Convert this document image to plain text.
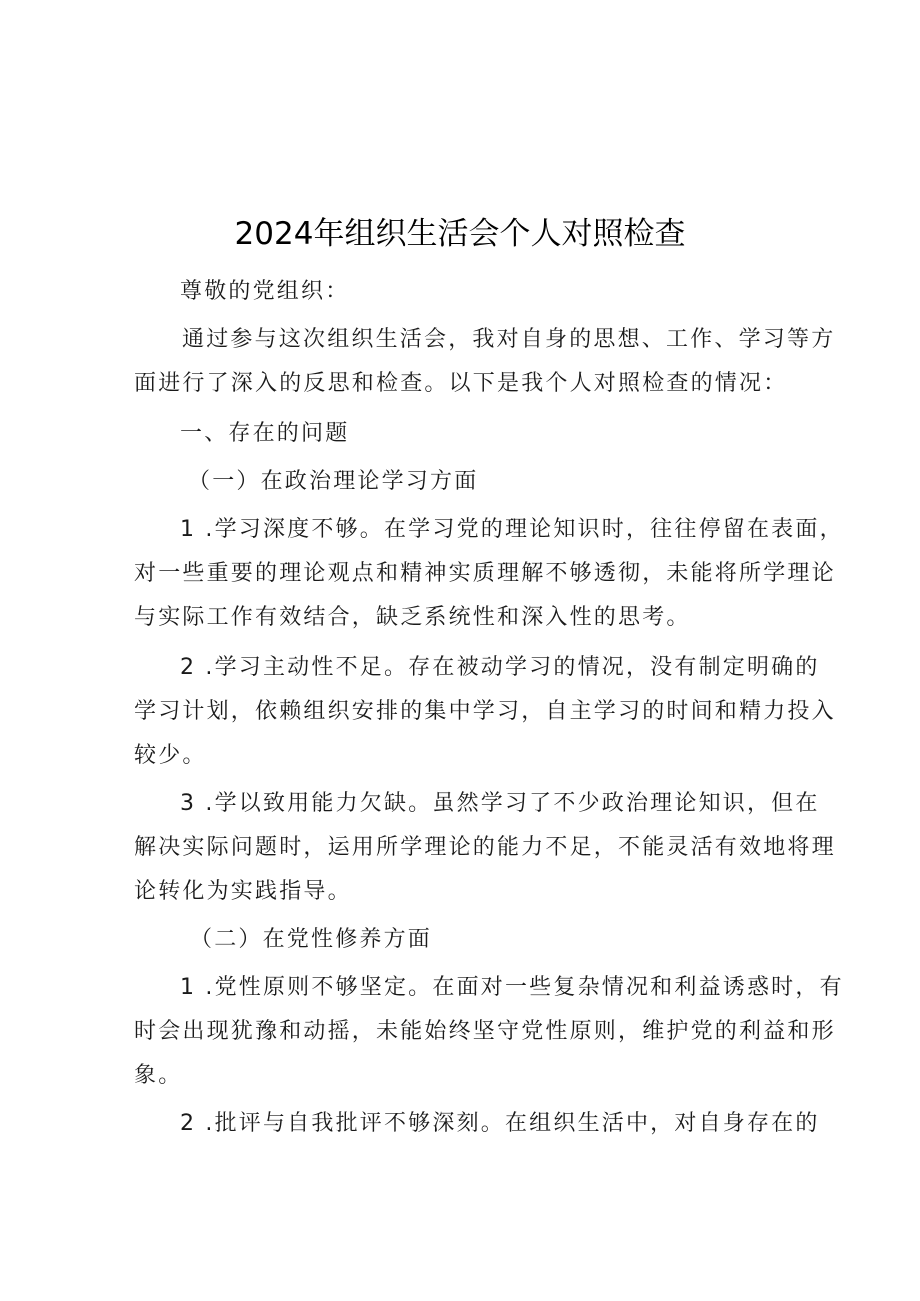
2024年组织生活会个人对照检查
尊敬的党组织：
通过参与这次组织生活会，我对自身的思想、工作、学习等方
面进行了深入的反思和检查。以下是我个人对照检查的情况：
一、存在的问题
（一）在政治理论学习方面
1 .学习深度不够。在学习党的理论知识时，往往停留在表面，
对一些重要的理论观点和精神实质理解不够透彻，未能将所学理论
与实际工作有效结合，缺乏系统性和深入性的思考。
2 .学习主动性不足。存在被动学习的情况，没有制定明确的
学习计划，依赖组织安排的集中学习，自主学习的时间和精力投入
较少。
3 .学以致用能力欠缺。虽然学习了不少政治理论知识，但在
解决实际问题时，运用所学理论的能力不足，不能灵活有效地将理
论转化为实践指导。
（二）在党性修养方面
1 .党性原则不够坚定。在面对一些复杂情况和利益诱惑时，有
时会出现犹豫和动摇，未能始终坚守党性原则，维护党的利益和形
象。
2 .批评与自我批评不够深刻。在组织生活中，对自身存在的
